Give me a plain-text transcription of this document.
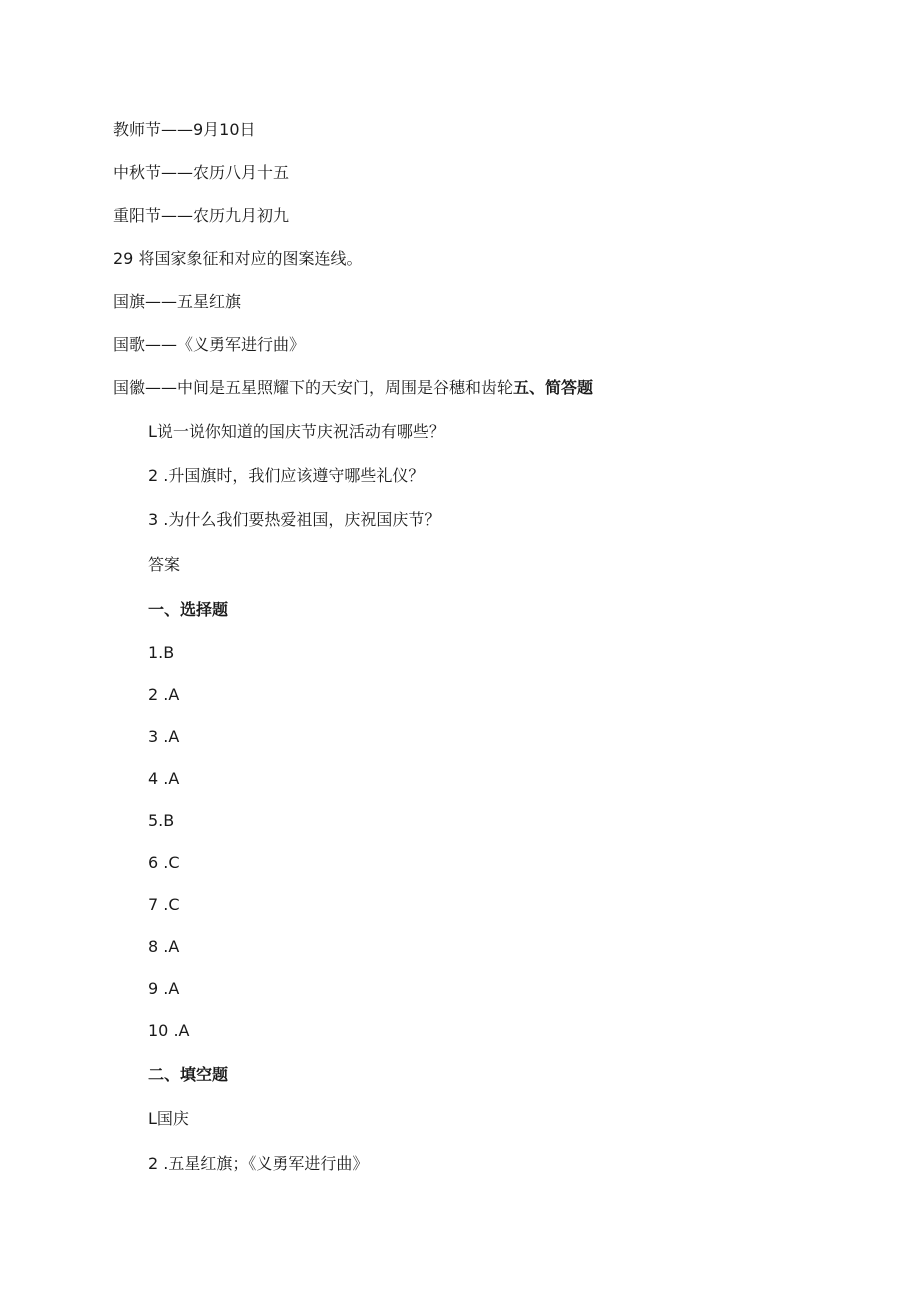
教师节——9月10日
中秋节——农历八月十五
重阳节——农历九月初九
29 将国家象征和对应的图案连线。
国旗——五星红旗
国歌——《义勇军进行曲》
国徽——中间是五星照耀下的天安门，周围是谷穗和齿轮五、简答题
L说一说你知道的国庆节庆祝活动有哪些？
2 .升国旗时，我们应该遵守哪些礼仪？
3 .为什么我们要热爱祖国，庆祝国庆节？
答案
一、选择题
1.B
2 .A
3 .A
4 .A
5.B
6 .C
7 .C
8 .A
9 .A
10 .A
二、填空题
L国庆
2 .五星红旗；《义勇军进行曲》
